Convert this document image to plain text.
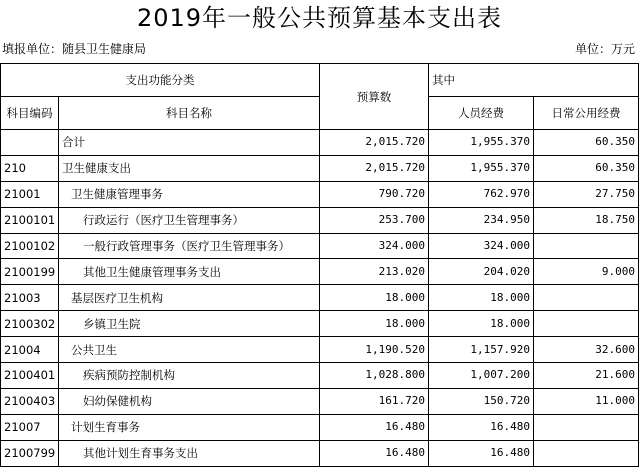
2019年一般公共预算基本支出表
填报单位：随县卫生健康局	单位：万元
支出功能分类		预算数	其中	
科目编码	科目名称		人员经费	日常公用经费
	合计	2,015.720	1,955.370	60.350
210	卫生健康支出	2,015.720	1,955.370	60.350
21001	卫生健康管理事务	790.720	762.970	27.750
2100101	行政运行（医疗卫生管理事务）	253.700	234.950	18.750
2100102	一般行政管理事务（医疗卫生管理事务）	324.000	324.000	
2100199	其他卫生健康管理事务支出	213.020	204.020	9.000
21003	基层医疗卫生机构	18.000	18.000	
2100302	乡镇卫生院	18.000	18.000	
21004	公共卫生	1,190.520	1,157.920	32.600
2100401	疾病预防控制机构	1,028.800	1,007.200	21.600
2100403	妇幼保健机构	161.720	150.720	11.000
21007	计划生育事务	16.480	16.480	
2100799	其他计划生育事务支出	16.480	16.480	
